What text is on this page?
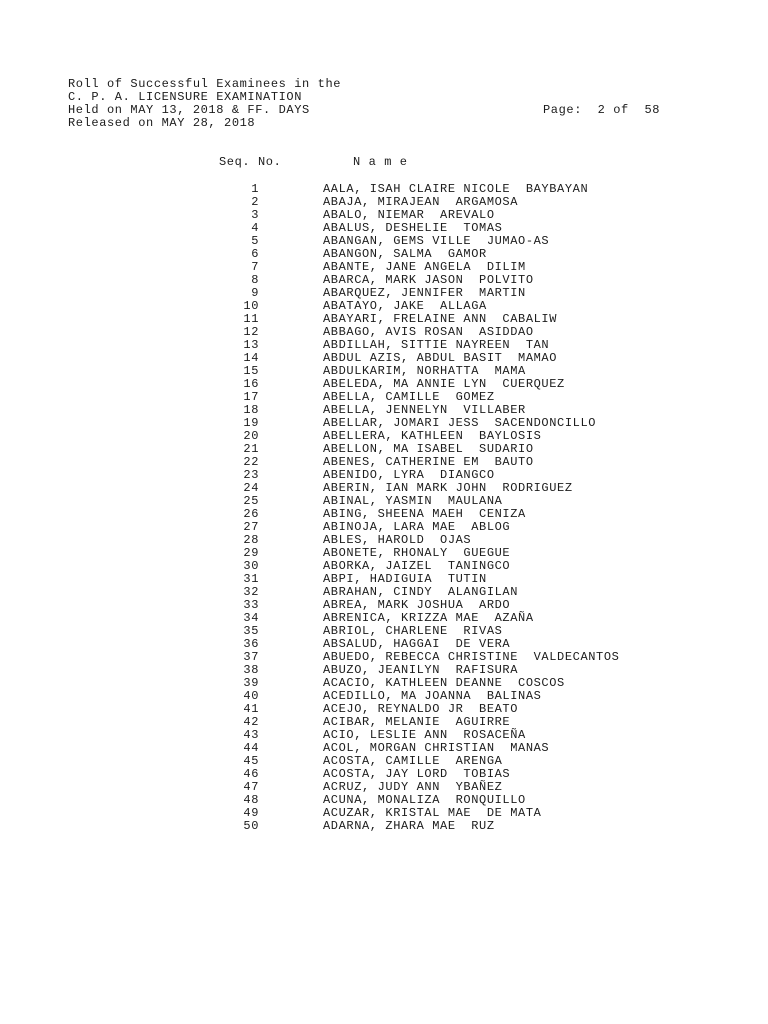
Roll of Successful Examinees in the
C. P. A. LICENSURE EXAMINATION
Held on MAY 13, 2018 & FF. DAYS
Released on MAY 28, 2018
Page: 2 of 58
Seq. No.	N a m e
1	AALA, ISAH CLAIRE NICOLE  BAYBAYAN
2	ABAJA, MIRAJEAN  ARGAMOSA
3	ABALO, NIEMAR  AREVALO
4	ABALUS, DESHELIE  TOMAS
5	ABANGAN, GEMS VILLE  JUMAO-AS
6	ABANGON, SALMA  GAMOR
7	ABANTE, JANE ANGELA  DILIM
8	ABARCA, MARK JASON  POLVITO
9	ABARQUEZ, JENNIFER  MARTIN
10	ABATAYO, JAKE  ALLAGA
11	ABAYARI, FRELAINE ANN  CABALIW
12	ABBAGO, AVIS ROSAN  ASIDDAO
13	ABDILLAH, SITTIE NAYREEN  TAN
14	ABDUL AZIS, ABDUL BASIT  MAMAO
15	ABDULKARIM, NORHATTA  MAMA
16	ABELEDA, MA ANNIE LYN  CUERQUEZ
17	ABELLA, CAMILLE  GOMEZ
18	ABELLA, JENNELYN  VILLABER
19	ABELLAR, JOMARI JESS  SACENDONCILLO
20	ABELLERA, KATHLEEN  BAYLOSIS
21	ABELLON, MA ISABEL  SUDARIO
22	ABENES, CATHERINE EM  BAUTO
23	ABENIDO, LYRA  DIANGCO
24	ABERIN, IAN MARK JOHN  RODRIGUEZ
25	ABINAL, YASMIN  MAULANA
26	ABING, SHEENA MAEH  CENIZA
27	ABINOJA, LARA MAE  ABLOG
28	ABLES, HAROLD  OJAS
29	ABONETE, RHONALY  GUEGUE
30	ABORKA, JAIZEL  TANINGCO
31	ABPI, HADIGUIA  TUTIN
32	ABRAHAN, CINDY  ALANGILAN
33	ABREA, MARK JOSHUA  ARDO
34	ABRENICA, KRIZZA MAE  AZAÑA
35	ABRIOL, CHARLENE  RIVAS
36	ABSALUD, HAGGAI  DE VERA
37	ABUEDO, REBECCA CHRISTINE  VALDECANTOS
38	ABUZO, JEANILYN  RAFISURA
39	ACACIO, KATHLEEN DEANNE  COSCOS
40	ACEDILLO, MA JOANNA  BALINAS
41	ACEJO, REYNALDO JR  BEATO
42	ACIBAR, MELANIE  AGUIRRE
43	ACIO, LESLIE ANN  ROSACEÑA
44	ACOL, MORGAN CHRISTIAN  MANAS
45	ACOSTA, CAMILLE  ARENGA
46	ACOSTA, JAY LORD  TOBIAS
47	ACRUZ, JUDY ANN  YBAÑEZ
48	ACUNA, MONALIZA  RONQUILLO
49	ACUZAR, KRISTAL MAE  DE MATA
50	ADARNA, ZHARA MAE  RUZ
